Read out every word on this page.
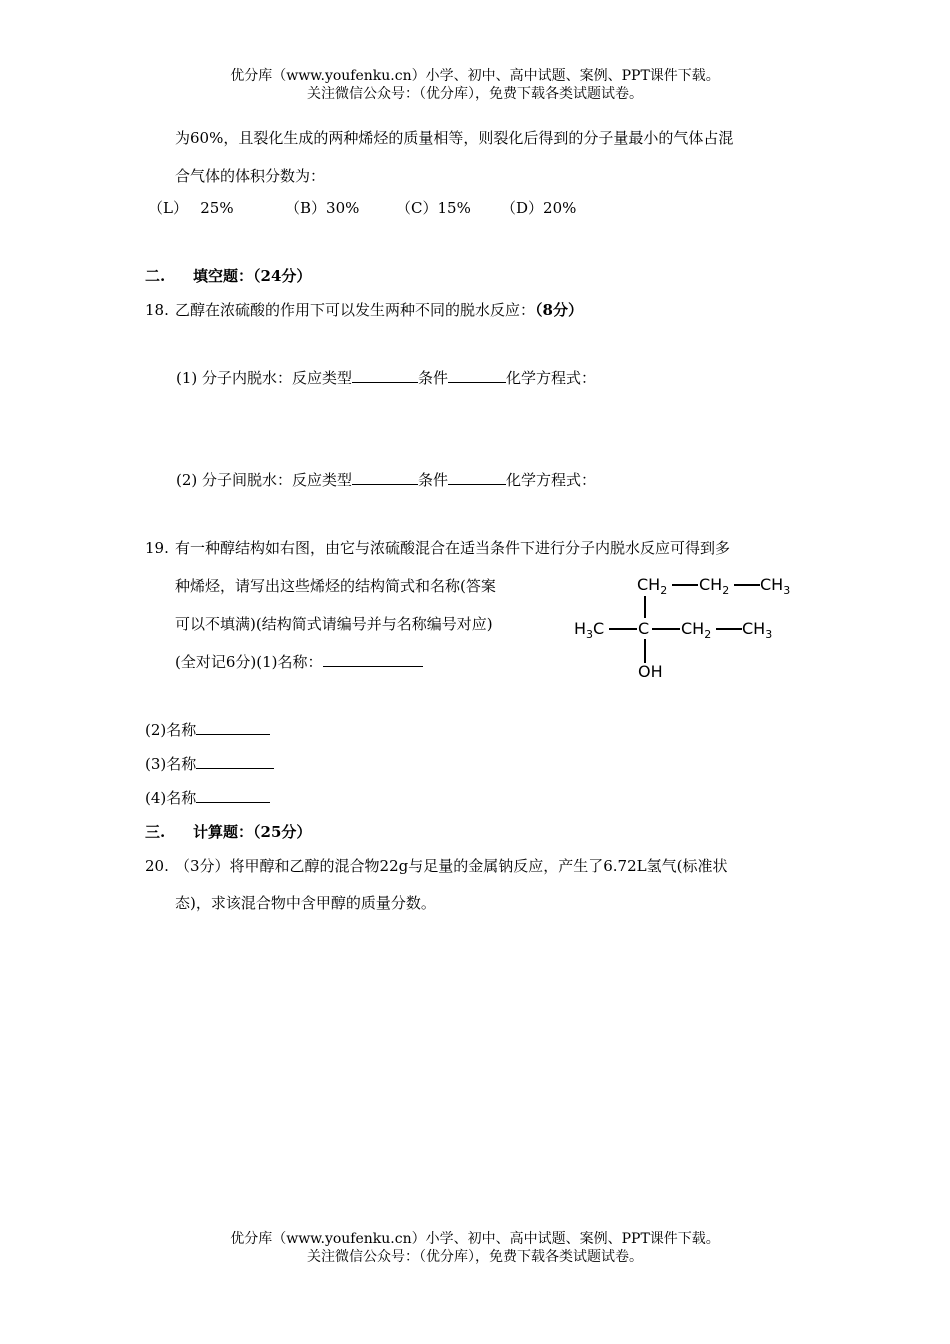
优分库（www.youfenku.cn）小学、初中、高中试题、案例、PPT课件下载。
关注微信公众号：（优分库），免费下载各类试题试卷。
为60%，且裂化生成的两种烯烃的质量相等，则裂化后得到的分子量最小的气体占混
合气体的体积分数为：
（L）　 25%	（B）30% （C）15% （D）20%
二. 填空题：（24分）
18. 乙醇在浓硫酸的作用下可以发生两种不同的脱水反应：（8分）
(1) 分子内脱水：反应类型	条件	化学方程式：
(2) 分子间脱水：反应类型	条件	化学方程式：
19. 有一种醇结构如右图，由它与浓硫酸混合在适当条件下进行分子内脱水反应可得到多
种烯烃，请写出这些烯烃的结构简式和名称(答案
可以不填满)(结构简式请编号并与名称编号对应)
(全对记6分)(1)名称：
$CH_2$ $CH_2$ $CH_3$
$H_3C$ C $CH_2$ $CH_3$
OH
(2)名称
(3)名称
(4)名称
三. 计算题：（25分）
20. （3分）将甲醇和乙醇的混合物22g与足量的金属钠反应，产生了6.72L氢气(标准状
态)，求该混合物中含甲醇的质量分数。
优分库（www.youfenku.cn）小学、初中、高中试题、案例、PPT课件下载。
关注微信公众号：（优分库），免费下载各类试题试卷。
